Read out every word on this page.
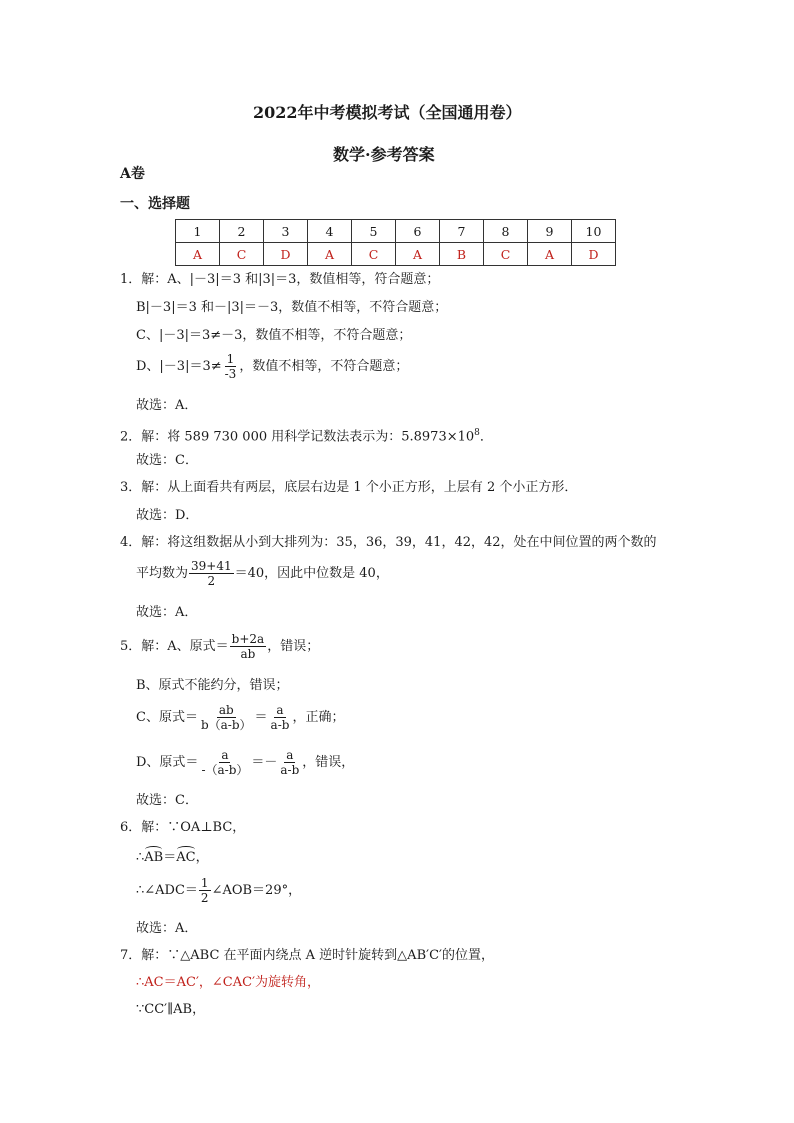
2022年中考模拟考试（全国通用卷）
数学·参考答案
A卷
一、选择题
1	2	3	4	5	6	7	8	9	10
A	C	D	A	C	A	B	C	A	D
1．解：A、|－3|＝3 和|3|＝3，数值相等，符合题意；
B|－3|＝3 和－|3|＝－3，数值不相等，不符合题意；
C、|－3|＝3≠－3，数值不相等，不符合题意；
D、$|-3|=3\ne \frac{1}{-3}$ ，数值不相等，不符合题意；
故选：A．
2．解：将 589 730 000 用科学记数法表示为：$5.8973\times 10^8$．
故选：C．
3．解：从上面看共有两层，底层右边是 1 个小正方形，上层有 2 个小正方形．
故选：D．
4．解：将这组数据从小到大排列为：35，36，39，41，42，42，处在中间位置的两个数的
平均数为 $\frac{39+41}{2} =40$，因此中位数是 40，
故选：A．
5．解：A、原式＝ $\frac{b+2a}{ab}$ ，错误；
B、原式不能约分，错误；
C、原式＝ $\frac{ab}{b(a-b)} = \frac{a}{a-b}$ ，正确；
D、原式＝ $\frac{a}{-(a-b)} =- \frac{a}{a-b}$ ，错误，
故选：C．
6．解：∵OA⊥BC，
∴AB＝AC，
∴∠ADC＝ $\frac{1}{2}$ ∠AOB＝29°，
故选：A．
7．解：∵△ABC 在平面内绕点 A 逆时针旋转到△AB′C′的位置，
∴AC＝AC′，∠CAC′为旋转角，
∵CC′∥AB，
